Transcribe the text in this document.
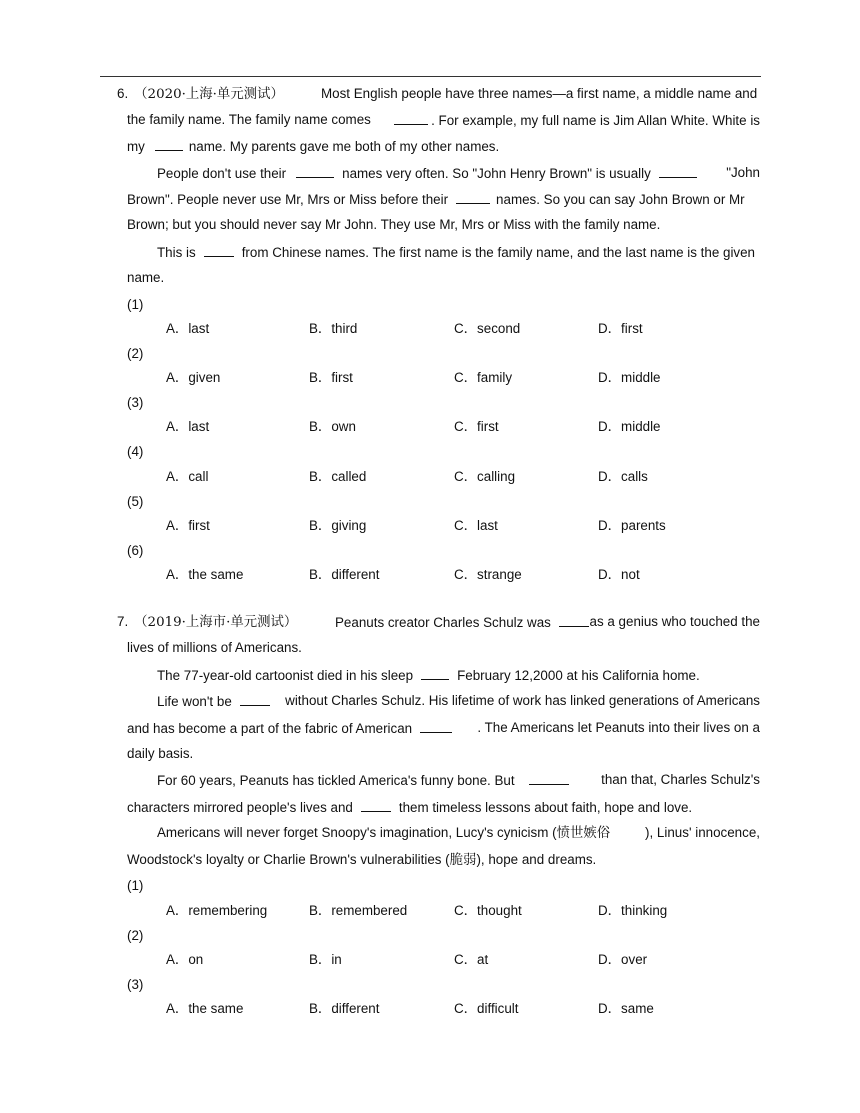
6. （2020·上海·单元测试）	Most English people have three names—a first name, a middle name and
the family name. The family name comes	. For example, my full name is Jim Allan White. White is
my	name. My parents gave me both of my other names.
People don't use their	names very often. So "John Henry Brown" is usually	"John
Brown". People never use Mr, Mrs or Miss before their	names. So you can say John Brown or Mr
Brown; but you should never say Mr John. They use Mr, Mrs or Miss with the family name.
This is	from Chinese names. The first name is the family name, and the last name is the given
name.
(1)
A．last	B．third	C．second	D．first
(2)
A．given	B．first	C．family	D．middle
(3)
A．last	B．own	C．first	D．middle
(4)
A．call	B．called	C．calling	D．calls
(5)
A．first	B．giving	C．last	D．parents
(6)
A．the same	B．different	C．strange	D．not
7. （2019·上海市·单元测试）	Peanuts creator Charles Schulz was	as a genius who touched the
lives of millions of Americans.
The 77-year-old cartoonist died in his sleep	February 12,2000 at his California home.
Life won't be	without Charles Schulz. His lifetime of work has linked generations of Americans
and has become a part of the fabric of American	. The Americans let Peanuts into their lives on a
daily basis.
For 60 years, Peanuts has tickled America's funny bone. But	than that, Charles Schulz's
characters mirrored people's lives and	them timeless lessons about faith, hope and love.
Americans will never forget Snoopy's imagination, Lucy's cynicism (愤世嫉俗	), Linus' innocence,
Woodstock's loyalty or Charlie Brown's vulnerabilities (脆弱), hope and dreams.
(1)
A．remembering	B．remembered	C．thought	D．thinking
(2)
A．on	B．in	C．at	D．over
(3)
A．the same	B．different	C．difficult	D．same
